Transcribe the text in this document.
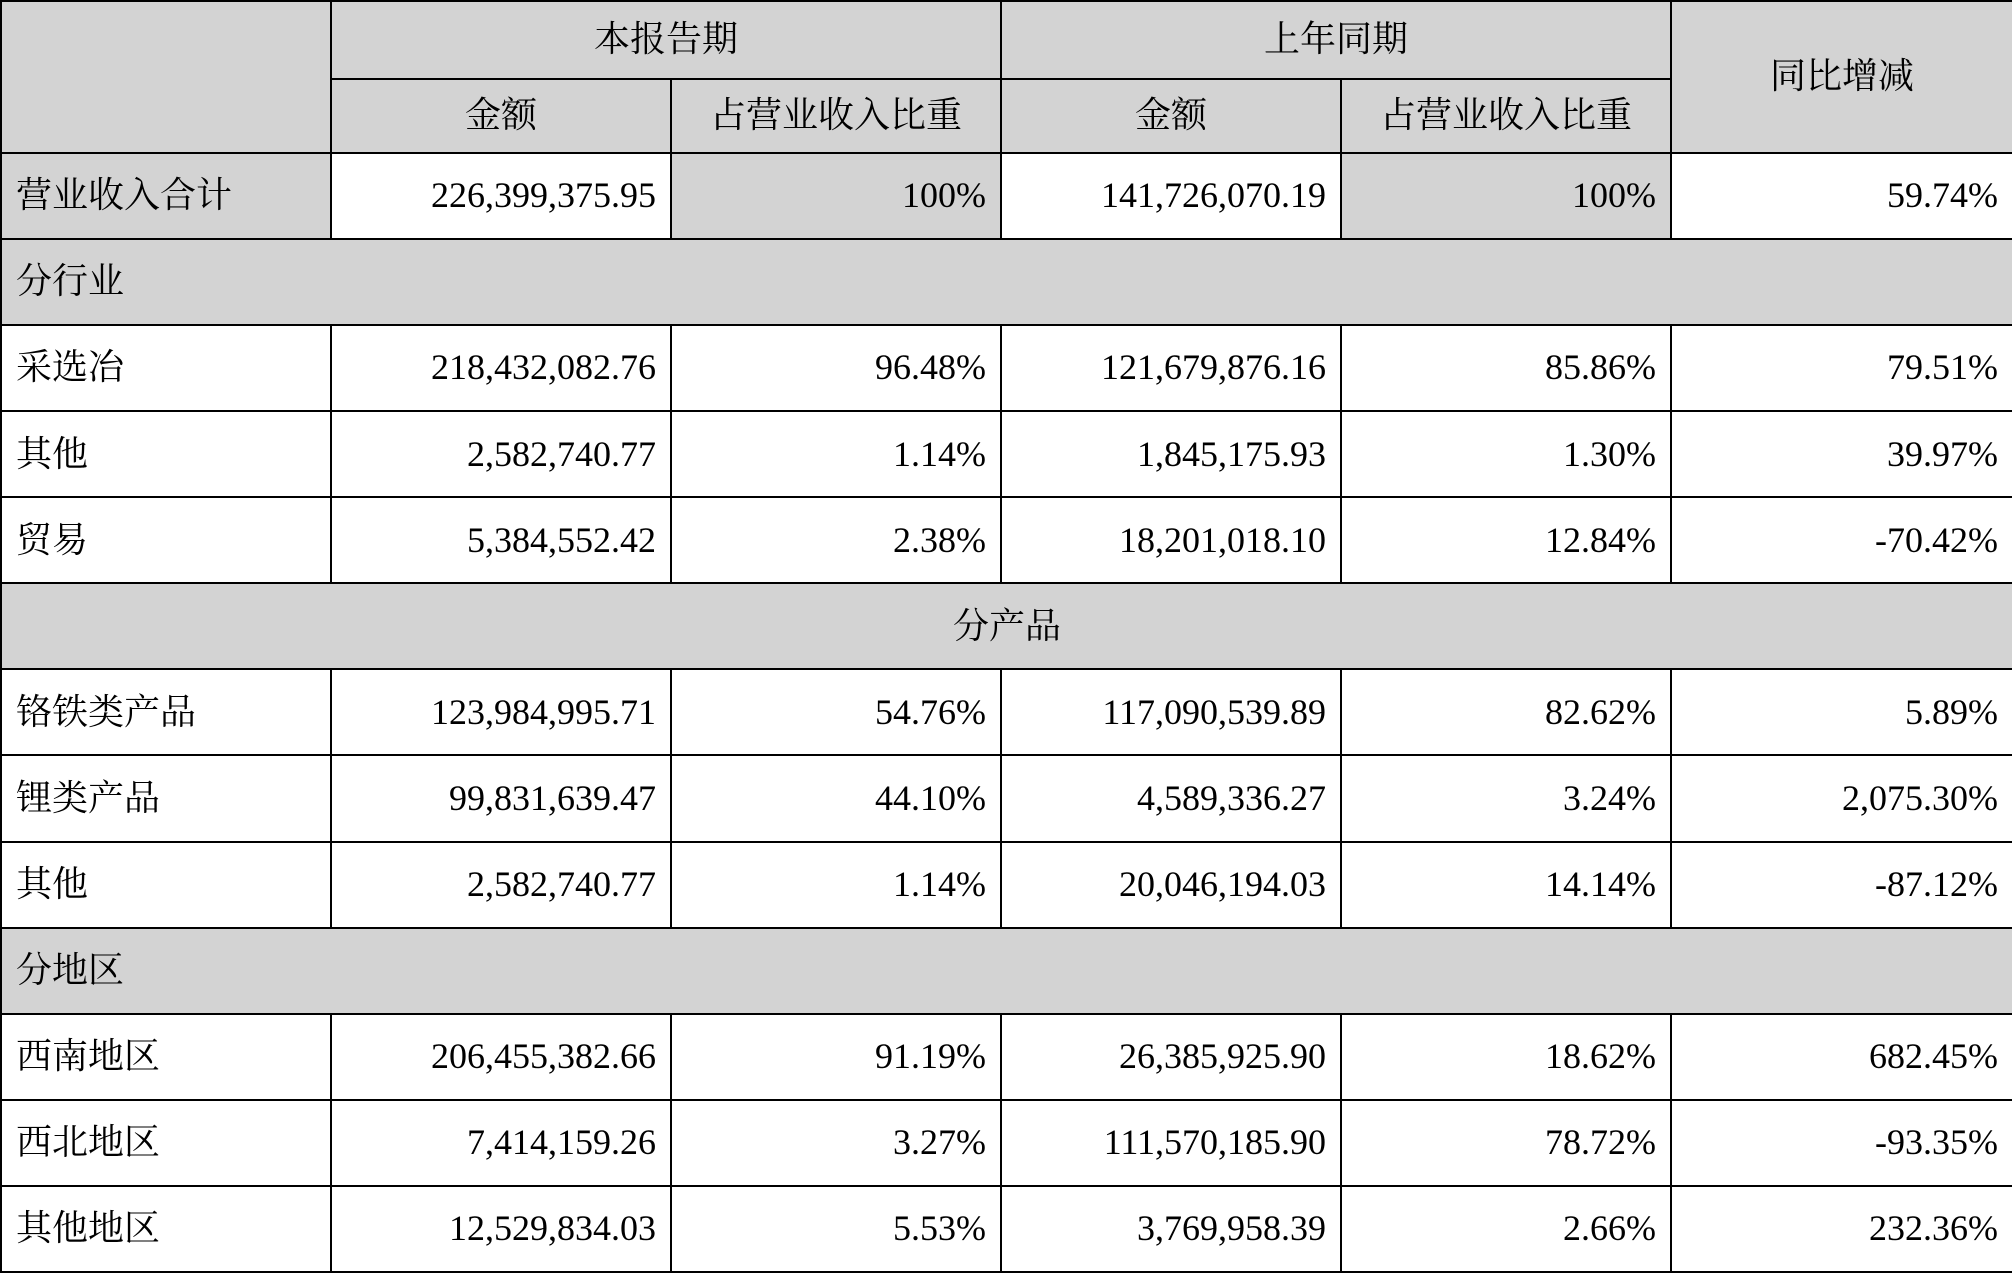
	本报告期		上年同期		同比增减
	金额	占营业收入比重	金额	占营业收入比重	
营业收入合计	226,399,375.95	100%	141,726,070.19	100%	59.74%
分行业					
采选冶	218,432,082.76	96.48%	121,679,876.16	85.86%	79.51%
其他	2,582,740.77	1.14%	1,845,175.93	1.30%	39.97%
贸易	5,384,552.42	2.38%	18,201,018.10	12.84%	-70.42%
分产品					
铬铁类产品	123,984,995.71	54.76%	117,090,539.89	82.62%	5.89%
锂类产品	99,831,639.47	44.10%	4,589,336.27	3.24%	2,075.30%
其他	2,582,740.77	1.14%	20,046,194.03	14.14%	-87.12%
分地区					
西南地区	206,455,382.66	91.19%	26,385,925.90	18.62%	682.45%
西北地区	7,414,159.26	3.27%	111,570,185.90	78.72%	-93.35%
其他地区	12,529,834.03	5.53%	3,769,958.39	2.66%	232.36%
